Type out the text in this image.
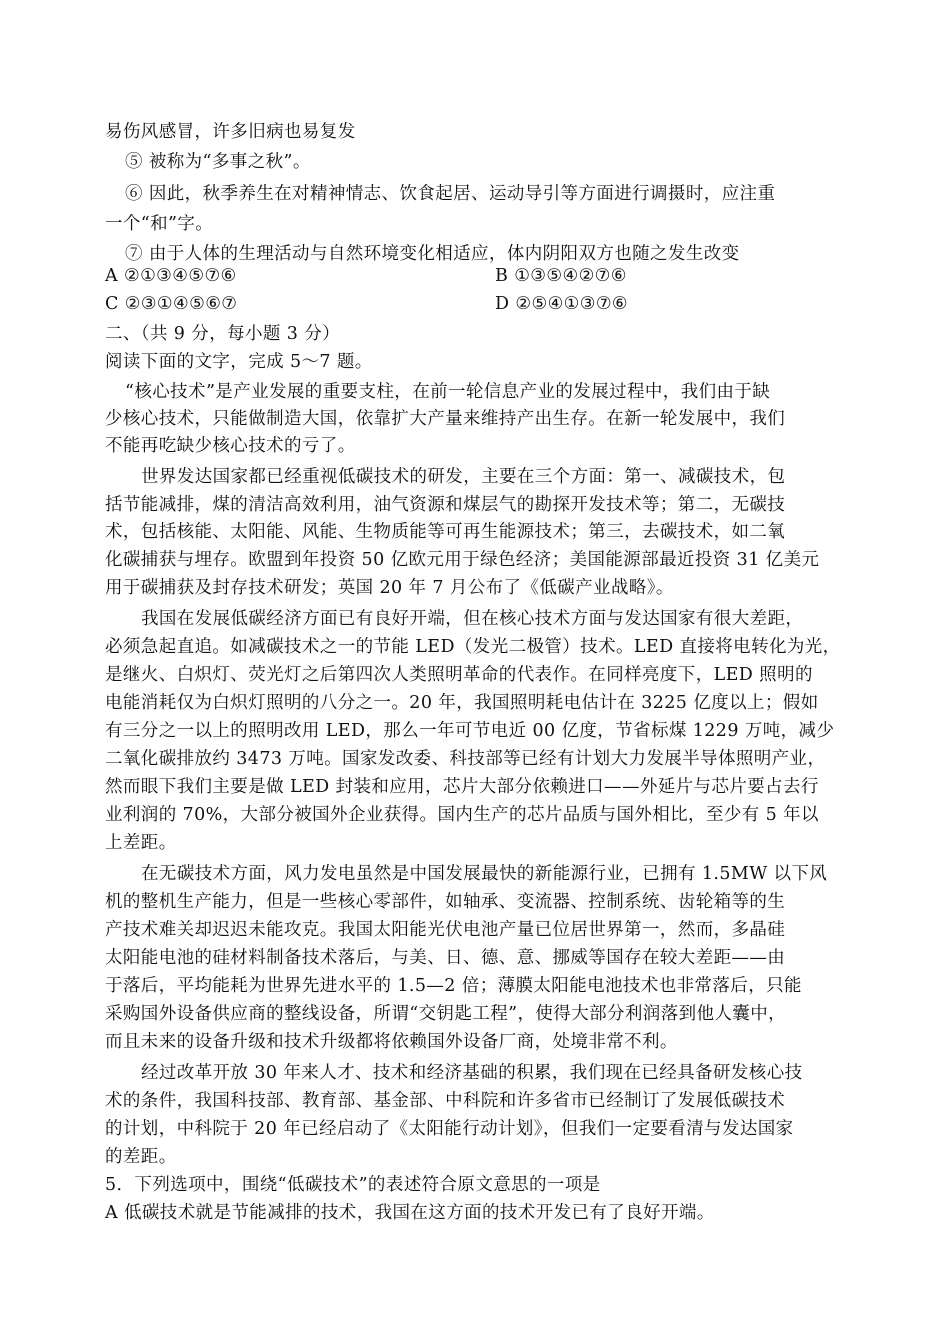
易伤风感冒，许多旧病也易复发
⑤ 被称为“多事之秋”。
⑥ 因此，秋季养生在对精神情志、饮食起居、运动导引等方面进行调摄时，应注重
一个“和”字。
⑦ 由于人体的生理活动与自然环境变化相适应，体内阴阳双方也随之发生改变
A ②①③④⑤⑦⑥	B ①③⑤④②⑦⑥
C ②③①④⑤⑥⑦	D ②⑤④①③⑦⑥
二、（共 9 分，每小题 3 分）
阅读下面的文字，完成 5～7 题。
“核心技术”是产业发展的重要支柱，在前一轮信息产业的发展过程中，我们由于缺
少核心技术，只能做制造大国，依靠扩大产量来维持产出生存。在新一轮发展中，我们
不能再吃缺少核心技术的亏了。
世界发达国家都已经重视低碳技术的研发，主要在三个方面：第一、减碳技术，包
括节能减排，煤的清洁高效利用，油气资源和煤层气的勘探开发技术等；第二，无碳技
术，包括核能、太阳能、风能、生物质能等可再生能源技术；第三，去碳技术，如二氧
化碳捕获与埋存。欧盟到年投资 50 亿欧元用于绿色经济；美国能源部最近投资 31 亿美元
用于碳捕获及封存技术研发；英国 20 年 7 月公布了《低碳产业战略》。
我国在发展低碳经济方面已有良好开端，但在核心技术方面与发达国家有很大差距，
必须急起直追。如减碳技术之一的节能 LED（发光二极管）技术。LED 直接将电转化为光，
是继火、白炽灯、荧光灯之后第四次人类照明革命的代表作。在同样亮度下，LED 照明的
电能消耗仅为白炽灯照明的八分之一。20 年，我国照明耗电估计在 3225 亿度以上；假如
有三分之一以上的照明改用 LED，那么一年可节电近 00 亿度，节省标煤 1229 万吨，减少
二氧化碳排放约 3473 万吨。国家发改委、科技部等已经有计划大力发展半导体照明产业，
然而眼下我们主要是做 LED 封装和应用，芯片大部分依赖进口——外延片与芯片要占去行
业利润的 70%，大部分被国外企业获得。国内生产的芯片品质与国外相比，至少有 5 年以
上差距。
在无碳技术方面，风力发电虽然是中国发展最快的新能源行业，已拥有 1.5MW 以下风
机的整机生产能力，但是一些核心零部件，如轴承、变流器、控制系统、齿轮箱等的生
产技术难关却迟迟未能攻克。我国太阳能光伏电池产量已位居世界第一，然而，多晶硅
太阳能电池的硅材料制备技术落后，与美、日、德、意、挪威等国存在较大差距——由
于落后，平均能耗为世界先进水平的 1.5—2 倍；薄膜太阳能电池技术也非常落后，只能
采购国外设备供应商的整线设备，所谓“交钥匙工程”，使得大部分利润落到他人囊中，
而且未来的设备升级和技术升级都将依赖国外设备厂商，处境非常不利。
经过改革开放 30 年来人才、技术和经济基础的积累，我们现在已经具备研发核心技
术的条件，我国科技部、教育部、基金部、中科院和许多省市已经制订了发展低碳技术
的计划，中科院于 20 年已经启动了《太阳能行动计划》，但我们一定要看清与发达国家
的差距。
5．下列选项中，围绕“低碳技术”的表述符合原文意思的一项是
A 低碳技术就是节能减排的技术，我国在这方面的技术开发已有了良好开端。
